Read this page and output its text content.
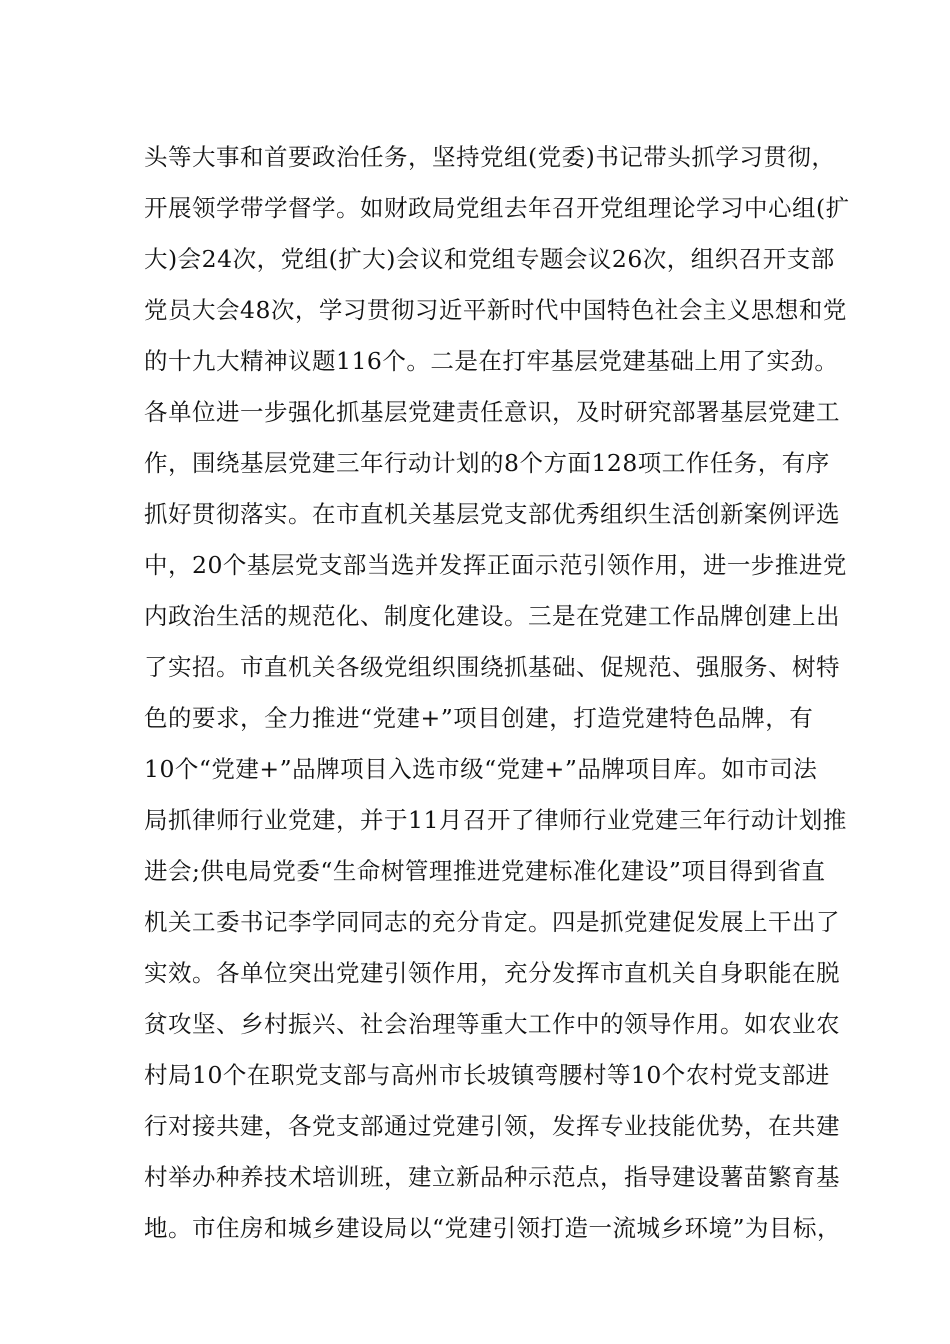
头等大事和首要政治任务，坚持党组(党委)书记带头抓学习贯彻，
开展领学带学督学。如财政局党组去年召开党组理论学习中心组(扩
大)会24次，党组(扩大)会议和党组专题会议26次，组织召开支部
党员大会48次，学习贯彻习近平新时代中国特色社会主义思想和党
的十九大精神议题116个。二是在打牢基层党建基础上用了实劲。
各单位进一步强化抓基层党建责任意识，及时研究部署基层党建工
作，围绕基层党建三年行动计划的8个方面128项工作任务，有序
抓好贯彻落实。在市直机关基层党支部优秀组织生活创新案例评选
中，20个基层党支部当选并发挥正面示范引领作用，进一步推进党
内政治生活的规范化、制度化建设。三是在党建工作品牌创建上出
了实招。市直机关各级党组织围绕抓基础、促规范、强服务、树特
色的要求，全力推进“党建+”项目创建，打造党建特色品牌，有
10个“党建+”品牌项目入选市级“党建+”品牌项目库。如市司法
局抓律师行业党建，并于11月召开了律师行业党建三年行动计划推
进会;供电局党委“生命树管理推进党建标准化建设”项目得到省直
机关工委书记李学同同志的充分肯定。四是抓党建促发展上干出了
实效。各单位突出党建引领作用，充分发挥市直机关自身职能在脱
贫攻坚、乡村振兴、社会治理等重大工作中的领导作用。如农业农
村局10个在职党支部与高州市长坡镇弯腰村等10个农村党支部进
行对接共建，各党支部通过党建引领，发挥专业技能优势，在共建
村举办种养技术培训班，建立新品种示范点，指导建设薯苗繁育基
地。市住房和城乡建设局以“党建引领打造一流城乡环境”为目标，
